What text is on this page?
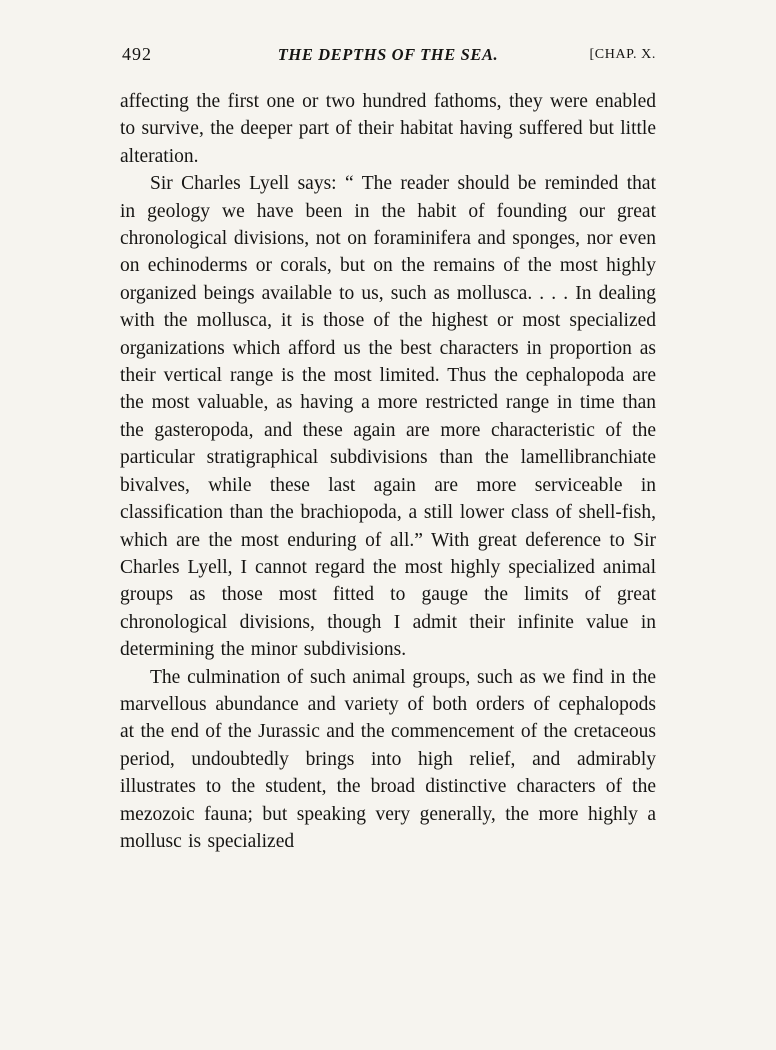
492	THE DEPTHS OF THE SEA.	[CHAP. X.

affecting the first one or two hundred fathoms, they were enabled to survive, the deeper part of their habitat having suffered but little alteration.

Sir Charles Lyell says: “ The reader should be reminded that in geology we have been in the habit of founding our great chronological divisions, not on foraminifera and sponges, nor even on echinoderms or corals, but on the remains of the most highly organized beings available to us, such as mollusca. . . . In dealing with the mollusca, it is those of the highest or most specialized organizations which afford us the best characters in proportion as their vertical range is the most limited. Thus the cephalopoda are the most valuable, as having a more restricted range in time than the gasteropoda, and these again are more characteristic of the particular stratigraphical subdivisions than the lamellibranchiate bivalves, while these last again are more serviceable in classification than the brachiopoda, a still lower class of shell-fish, which are the most enduring of all.” With great deference to Sir Charles Lyell, I cannot regard the most highly specialized animal groups as those most fitted to gauge the limits of great chronological divisions, though I admit their infinite value in determining the minor subdivisions.

The culmination of such animal groups, such as we find in the marvellous abundance and variety of both orders of cephalopods at the end of the Jurassic and the commencement of the cretaceous period, undoubtedly brings into high relief, and admirably illustrates to the student, the broad distinctive characters of the mezozoic fauna; but speaking very generally, the more highly a mollusc is specialized
